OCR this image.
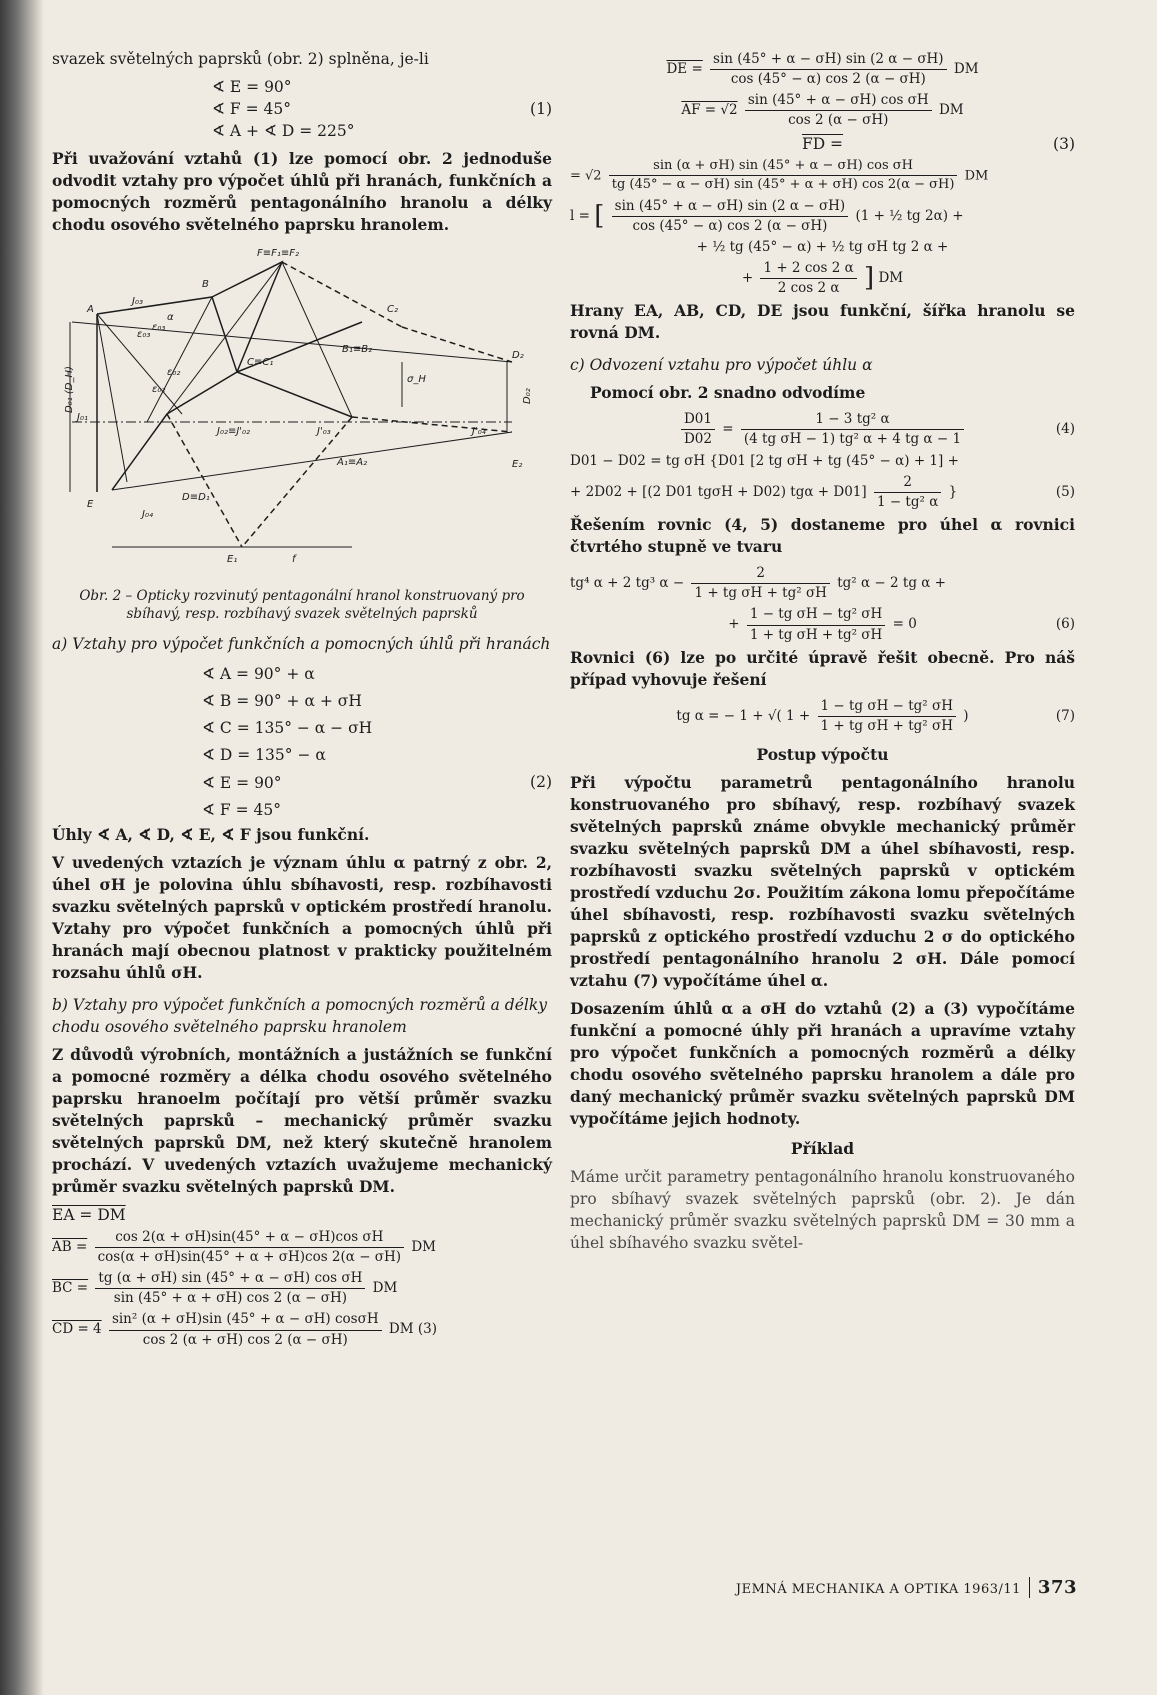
svazek světelných paprsků (obr. 2) splněna, je-li

∢ E = 90°
∢ F = 45°
∢ A + ∢ D = 225°
(1)

Při uvažování vztahů (1) lze pomocí obr. 2 jednoduše odvodit vztahy pro výpočet úhlů při hranách, funkčních a pomocných rozměrů pentagonálního hranolu a délky chodu osového světelného paprsku hranolem.

F≡F₁≡F₂
B
A
J₀₃
α
C₂
ε₀₃
ε₀₃
C≡C₁
B₁≡B₂
D₂
ε₀₂
ε₀₂
σ_H
D₀₁ (D_H)
J₀₁
J₀₂≡J'₀₂	J'₀₃	J'₀₄
D₀₂
A₁≡A₂	E₂
E
J₀₄
D≡D₁
E₁	f
Obr. 2 – Opticky rozvinutý pentagonální hranol konstruovaný pro sbíhavý, resp. rozbíhavý svazek světelných paprsků
a) Vztahy pro výpočet funkčních a pomocných úhlů při hranách
∢ A = 90° + α
∢ B = 90° + α + σH
∢ C = 135° − α − σH
∢ D = 135° − α
∢ E = 90°
∢ F = 45°
(2)

Úhly ∢ A, ∢ D, ∢ E, ∢ F jsou funkční.

V uvedených vztazích je význam úhlu α patrný z obr. 2, úhel σH je polovina úhlu sbíhavosti, resp. rozbíhavosti svazku světelných paprsků v optickém prostředí hranolu. Vztahy pro výpočet funkčních a pomocných úhlů při hranách mají obecnou platnost v prakticky použitelném rozsahu úhlů σH.

b) Vztahy pro výpočet funkčních a pomocných rozměrů a délky chodu osového světelného paprsku hranolem

Z důvodů výrobních, montážních a justážních se funkční a pomocné rozměry a délka chodu osového světelného paprsku hranoelm počítají pro větší průměr svazku světelných paprsků – mechanický průměr svazku světelných paprsků DM, než který skutečně hranolem prochází. V uvedených vztazích uvažujeme mechanický průměr svazku světelných paprsků DM.

EA = DM
AB = $\frac{\text{cos 2(α + σH)sin(45° + α − σH)cos σH}}{\cos(\alpha + \sigma H)\sin(45^\circ + \alpha + \sigma H)\cos 2(\alpha - \sigma H)}$ DM
BC = $\frac{\text{tg (α + σH) sin (45° + α − σH) cos σH}}{\sin (45^\circ + \alpha + \sigma H) \cos 2 (\alpha - \sigma H)}$ DM
CD = $4 \frac{\text{sin² (α + σH)sin (45° + α − σH) cosσH}}{\cos 2 (\alpha + \sigma H) \cos 2 (\alpha - \sigma H)}$ DM (3)
DE = $\frac{\sin (45^\circ + \alpha - \sigma H) \sin (2 \alpha - \sigma H)}{\cos (45^\circ - \alpha) \cos 2 (\alpha - \sigma H)}$ DM
AF = $√2 \frac{\text{sin (45° + α − σH) cos σH}}{\cos 2 (\alpha - \sigma H)}$ DM
FD =	(3)
= $√2 \frac{\text{sin (α + σH) sin (45° + α − σH) cos σH}}{tg (45^\circ - \alpha - \sigma H) \sin (45^\circ + \alpha + \sigma H) \cos 2(\alpha - \sigma H)}$ DM
l = [ $\frac{\sin (45^\circ + \alpha - \sigma H) \sin (2 \alpha - \sigma H)}{\cos (45^\circ - \alpha) \cos 2 (\alpha - \sigma H)} (1$ + ½ tg 2α) +
+ ½ tg (45° − α) + ½ tg σH tg 2 α +
+ $\frac{1 + 2 \cos 2 \alpha}{2 \cos 2 \alpha}$ ] DM

Hrany EA, AB, CD, DE jsou funkční, šířka hranolu se rovná DM.

c) Odvození vztahu pro výpočet úhlu α

Pomocí obr. 2 snadno odvodíme

$\frac{D01}{D02} = \frac{\text{1 − 3 tg² α}}{\text{(4 tg σH − 1) tg² α + 4 tg α − 1}}$	(4)
D01 − D02 = tg σH {D01 [2 tg σH + tg (45° − α) + 1] +
+ 2D02 + [(2 D01 tgσH + D02) $tg\alpha + D01] \frac{2}{\text{1 − tg² α}}$ }	(5)

Řešením rovnic (4, 5) dostaneme pro úhel α rovnici čtvrtého stupně ve tvaru

tg⁴ α + 2 tg³ $\alpha - \frac{2}{\text{1 + tg σH + tg² σH}} tg^2$ α − 2 tg α +
+ $\frac{\text{1 − tg σH − tg² σH}}{\text{1 + tg σH + tg² σH}} = 0$	(6)

Rovnici (6) lze po určité úpravě řešit obecně. Pro náš případ vyhovuje řešení

tg α = − 1 + √( $1 + \frac{\text{1 − tg σH − tg² σH}}{\text{1 + tg σH + tg² σH}}$ )	(7)
Postup výpočtu

Při výpočtu parametrů pentagonálního hranolu konstruovaného pro sbíhavý, resp. rozbíhavý svazek světelných paprsků známe obvykle mechanický průměr svazku světelných paprsků DM a úhel sbíhavosti, resp. rozbíhavosti svazku světelných paprsků v optickém prostředí vzduchu 2σ. Použitím zákona lomu přepočítáme úhel sbíhavosti, resp. rozbíhavosti svazku světelných paprsků z optického prostředí vzduchu 2 σ do optického prostředí pentagonálního hranolu 2 σH. Dále pomocí vztahu (7) vypočítáme úhel α.

Dosazením úhlů α a σH do vztahů (2) a (3) vypočítáme funkční a pomocné úhly při hranách a upravíme vztahy pro výpočet funkčních a pomocných rozměrů a délky chodu osového světelného paprsku hranolem a dále pro daný mechanický průměr svazku světelných paprsků DM vypočítáme jejich hodnoty.

Příklad

Máme určit parametry pentagonálního hranolu konstruovaného pro sbíhavý svazek světelných paprsků (obr. 2). Je dán mechanický průměr svazku světelných paprsků DM = 30 mm a úhel sbíhavého svazku světel-

JEMNÁ MECHANIKA A OPTIKA 1963/11 373
